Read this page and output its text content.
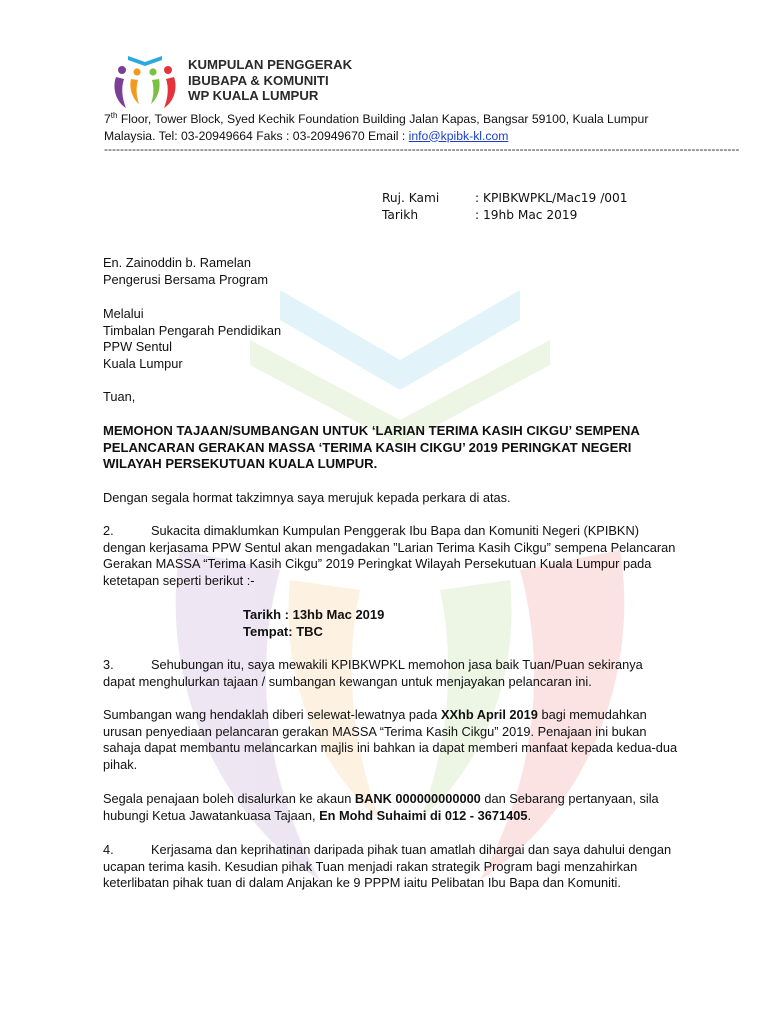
KUMPULAN PENGGERAK
IBUBAPA & KOMUNITI
WP KUALA LUMPUR
7th Floor, Tower Block, Syed Kechik Foundation Building Jalan Kapas, Bangsar 59100, Kuala Lumpur
Malaysia. Tel: 03-20949664 Faks : 03-20949670 Email : info@kpibk-kl.com
---------------------------------------------------------------------------------------------------------------------------------------------------------------
Ruj. Kami	: KPIBKWPKL/Mac19 /001
Tarikh	: 19hb Mac 2019
En. Zainoddin b. Ramelan
Pengerusi Bersama Program
Melalui
Timbalan Pengarah Pendidikan
PPW Sentul
Kuala Lumpur
Tuan,
MEMOHON TAJAAN/SUMBANGAN UNTUK ‘LARIAN TERIMA KASIH CIKGU’ SEMPENA
PELANCARAN GERAKAN MASSA ‘TERIMA KASIH CIKGU’ 2019 PERINGKAT NEGERI
WILAYAH PERSEKUTUAN KUALA LUMPUR.
Dengan segala hormat takzimnya saya merujuk kepada perkara di atas.
2.	Sukacita dimaklumkan Kumpulan Penggerak Ibu Bapa dan Komuniti Negeri (KPIBKN)
dengan kerjasama PPW Sentul akan mengadakan ”Larian Terima Kasih Cikgu” sempena Pelancaran
Gerakan MASSA “Terima Kasih Cikgu” 2019 Peringkat Wilayah Persekutuan Kuala Lumpur pada
ketetapan seperti berikut :-
Tarikh : 13hb Mac 2019
Tempat: TBC
3.	Sehubungan itu, saya mewakili KPIBKWPKL memohon jasa baik Tuan/Puan sekiranya
dapat menghulurkan tajaan / sumbangan kewangan untuk menjayakan pelancaran ini.
Sumbangan wang hendaklah diberi selewat-lewatnya pada XXhb April 2019 bagi memudahkan
urusan penyediaan pelancaran gerakan MASSA “Terima Kasih Cikgu” 2019. Penajaan ini bukan
sahaja dapat membantu melancarkan majlis ini bahkan ia dapat memberi manfaat kepada kedua-dua
pihak.
Segala penajaan boleh disalurkan ke akaun BANK 000000000000 dan Sebarang pertanyaan, sila
hubungi Ketua Jawatankuasa Tajaan, En Mohd Suhaimi di 012 - 3671405.
4.	Kerjasama dan keprihatinan daripada pihak tuan amatlah dihargai dan saya dahului dengan
ucapan terima kasih. Kesudian pihak Tuan menjadi rakan strategik Program bagi menzahirkan
keterlibatan pihak tuan di dalam Anjakan ke 9 PPPM iaitu Pelibatan Ibu Bapa dan Komuniti.
